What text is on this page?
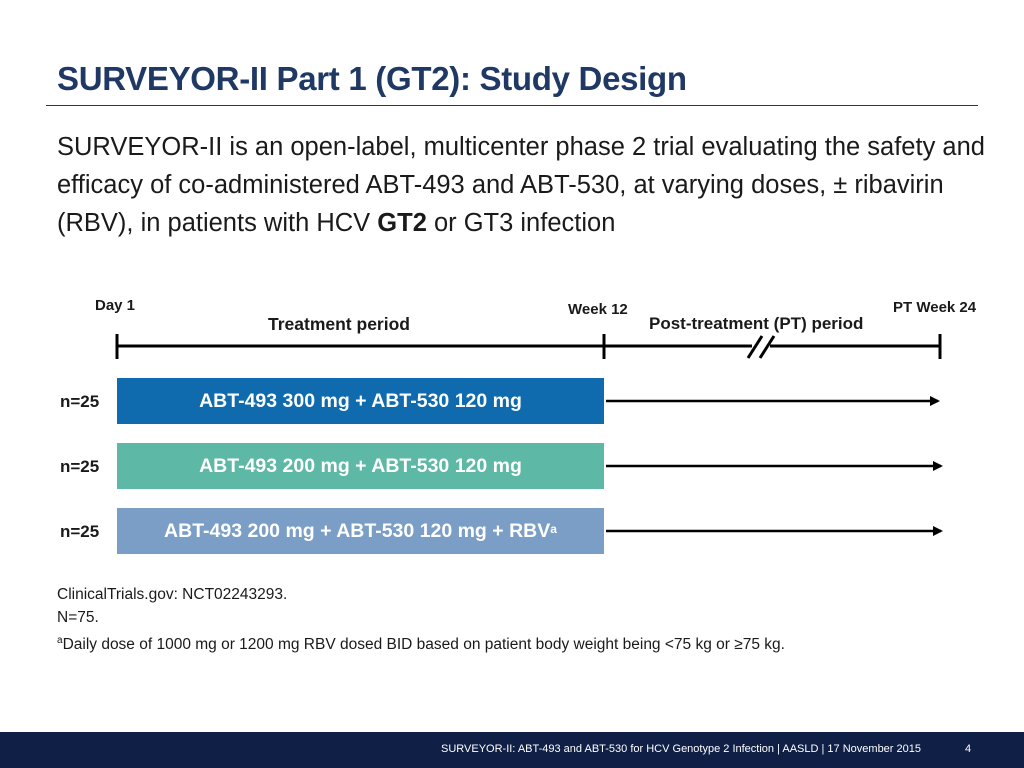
SURVEYOR-II Part 1 (GT2): Study Design

SURVEYOR-II is an open-label, multicenter phase 2 trial evaluating the safety and efficacy of co-administered ABT-493 and ABT-530, at varying doses, ± ribavirin (RBV), in patients with HCV GT2 or GT3 infection

Day 1
Treatment period
Week 12
Post-treatment (PT) period
PT Week 24
n=25	ABT-493 300 mg + ABT-530 120 mg
n=25	ABT-493 200 mg + ABT-530 120 mg
n=25	ABT-493 200 mg + ABT-530 120 mg + $RBV^a$
ClinicalTrials.gov: NCT02243293.
N=75.
$^a$Daily dose of 1000 mg or 1200 mg RBV dosed BID based on patient body weight being <75 kg or ≥75 kg.
SURVEYOR-II: ABT-493 and ABT-530 for HCV Genotype 2 Infection | AASLD | 17 November 2015	4
